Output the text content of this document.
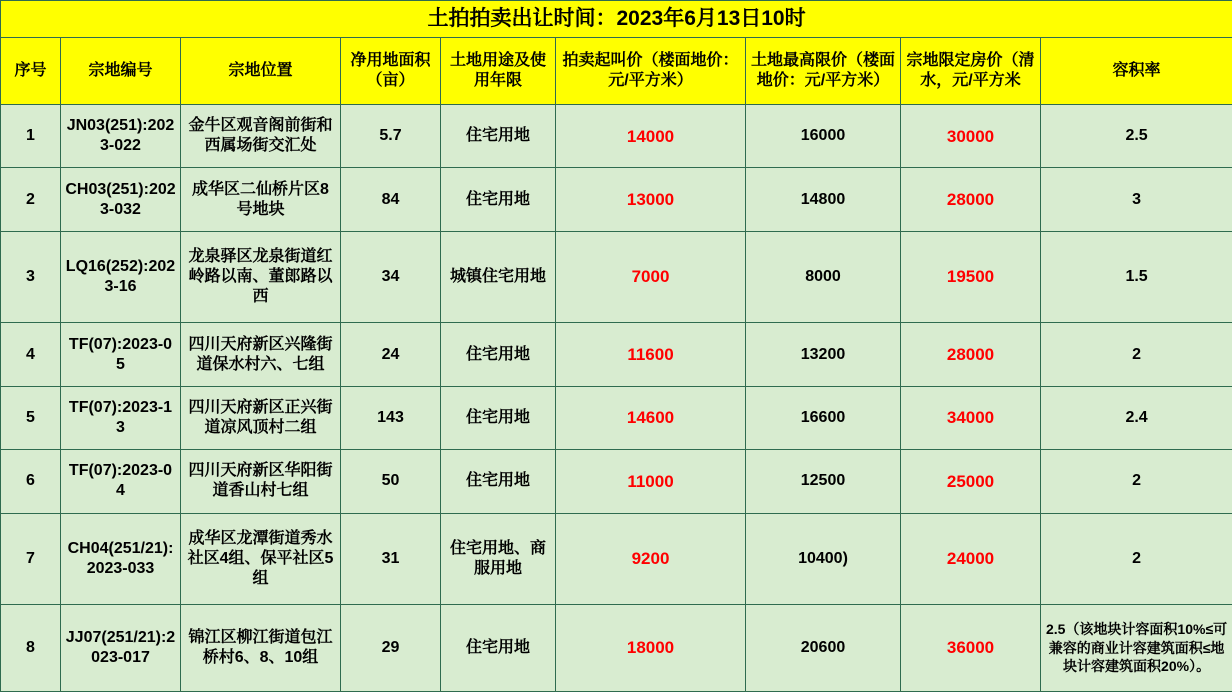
土拍拍卖出让时间：2023年6月13日10时								
序号	宗地编号	宗地位置	净用地面积（亩）	土地用途及使用年限	拍卖起叫价（楼面地价：元/平方米）	土地最高限价（楼面地价：元/平方米）	宗地限定房价（清水，元/平方米	容积率
1	JN03(251):2023-022	金牛区观音阁前街和西属场街交汇处	5.7	住宅用地	14000	16000	30000	2.5
2	CH03(251):2023-032	成华区二仙桥片区8号地块	84	住宅用地	13000	14800	28000	3
3	LQ16(252):2023-16	龙泉驿区龙泉街道红岭路以南、董郎路以西	34	城镇住宅用地	7000	8000	19500	1.5
4	TF(07):2023-05	四川天府新区兴隆街道保水村六、七组	24	住宅用地	11600	13200	28000	2
5	TF(07):2023-13	四川天府新区正兴街道凉风顶村二组	143	住宅用地	14600	16600	34000	2.4
6	TF(07):2023-04	四川天府新区华阳街道香山村七组	50	住宅用地	11000	12500	25000	2
7	CH04(251/21):2023-033	成华区龙潭街道秀水社区4组、保平社区5组	31	住宅用地、商服用地	9200	10400)	24000	2
8	JJ07(251/21):2023-017	锦江区柳江街道包江桥村6、8、10组	29	住宅用地	18000	20600	36000	2.5（该地块计容面积10%≤可兼容的商业计容建筑面积≤地块计容建筑面积20%）。
